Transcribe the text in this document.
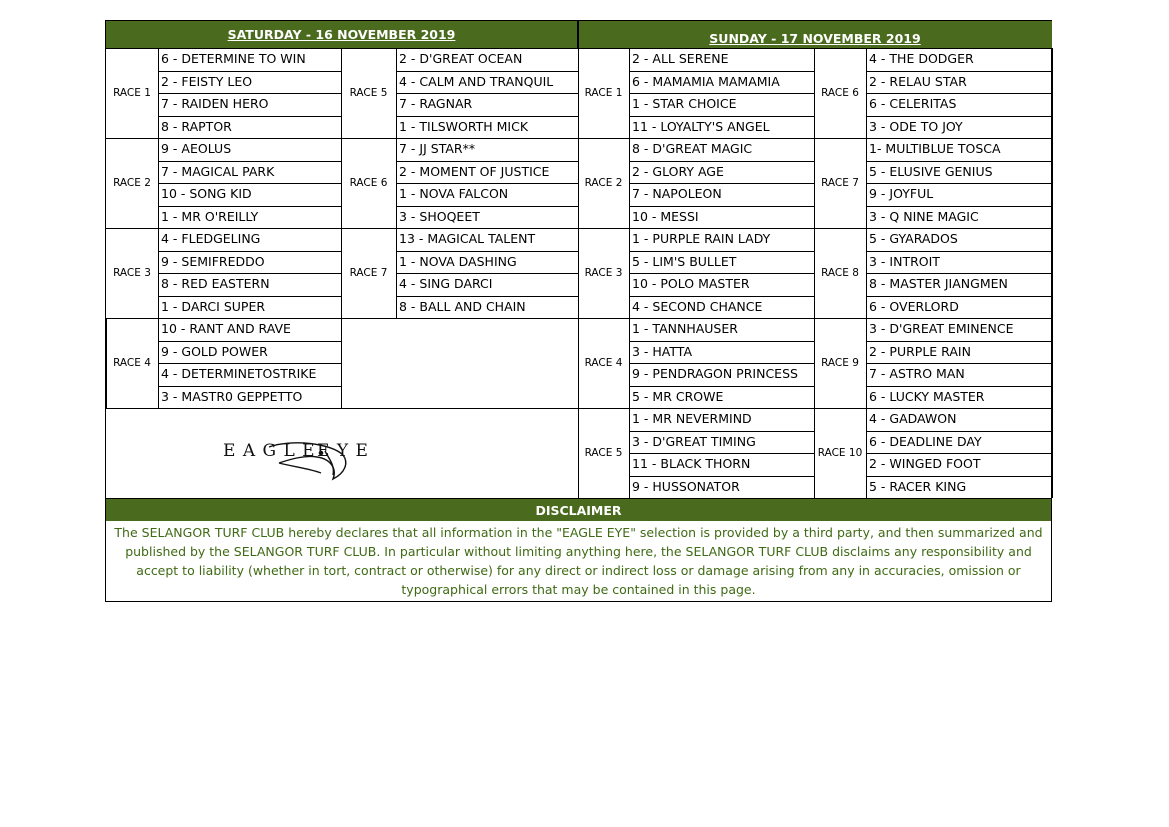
SATURDAY - 16 NOVEMBER 2019	SUNDAY - 17 NOVEMBER 2019
RACE 1
6 - DETERMINE TO WIN
2 - FEISTY LEO
7 - RAIDEN HERO
8 - RAPTOR
RACE 2
9 - AEOLUS
7 - MAGICAL PARK
10 - SONG KID
1 - MR O'REILLY
RACE 3
4 - FLEDGELING
9 - SEMIFREDDO
8 - RED EASTERN
1 - DARCI SUPER
RACE 4
10 - RANT AND RAVE
9 - GOLD POWER
4 - DETERMINETOSTRIKE
3 - MASTR0 GEPPETTO
RACE 5
2 - D'GREAT OCEAN
4 - CALM AND TRANQUIL
7 - RAGNAR
1 - TILSWORTH MICK
RACE 6
7 - JJ STAR**
2 - MOMENT OF JUSTICE
1 - NOVA FALCON
3 - SHOQEET
RACE 7
13 - MAGICAL TALENT
1 - NOVA DASHING
4 - SING DARCI
8 - BALL AND CHAIN
RACE 1
2 - ALL SERENE
6 - MAMAMIA MAMAMIA
1 - STAR CHOICE
11 - LOYALTY'S ANGEL
RACE 2
8 - D'GREAT MAGIC
2 - GLORY AGE
7 - NAPOLEON
10 - MESSI
RACE 3
1 - PURPLE RAIN LADY
5 - LIM'S BULLET
10 - POLO MASTER
4 - SECOND CHANCE
RACE 4
1 - TANNHAUSER
3 - HATTA
9 - PENDRAGON PRINCESS
5 - MR CROWE
RACE 5
1 - MR NEVERMIND
3 - D'GREAT TIMING
11 - BLACK THORN
9 - HUSSONATOR
RACE 6
4 - THE DODGER
2 - RELAU STAR
6 - CELERITAS
3 - ODE TO JOY
RACE 7
1- MULTIBLUE TOSCA
5 - ELUSIVE GENIUS
9 - JOYFUL
3 - Q NINE MAGIC
RACE 8
5 - GYARADOS
3 - INTROIT
8 - MASTER JIANGMEN
6 - OVERLORD
RACE 9
3 - D'GREAT EMINENCE
2 - PURPLE RAIN
7 - ASTRO MAN
6 - LUCKY MASTER
RACE 10
4 - GADAWON
6 - DEADLINE DAY
2 - WINGED FOOT
5 - RACER KING
E A G L E E Y E
DISCLAIMER
The SELANGOR TURF CLUB hereby declares that all information in the "EAGLE EYE" selection is provided by a third party, and then summarized and published by the SELANGOR TURF CLUB. In particular without limiting anything here, the SELANGOR TURF CLUB disclaims any responsibility and accept to liability (whether in tort, contract or otherwise) for any direct or indirect loss or damage arising from any in accuracies, omission or typographical errors that may be contained in this page.
